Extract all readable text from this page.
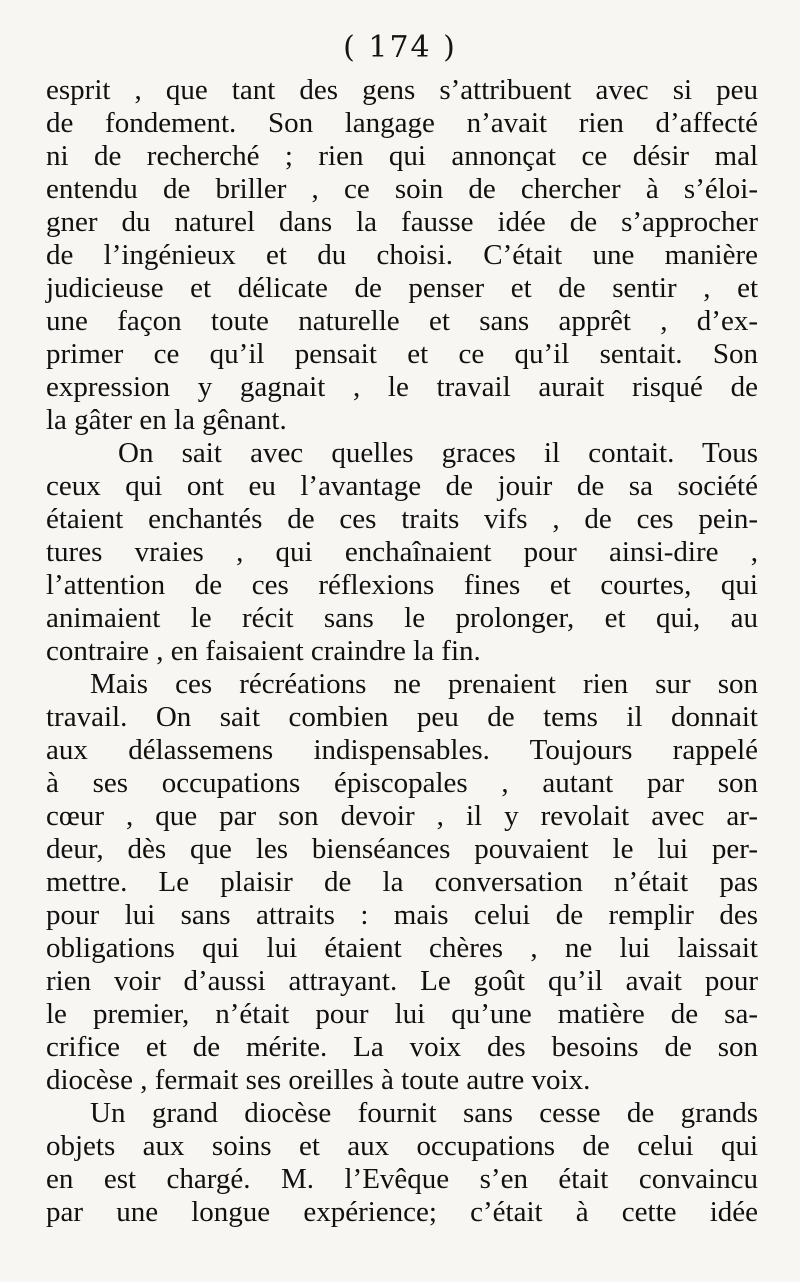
( 174 )
esprit , que tant des gens s’attribuent avec si peu
de fondement. Son langage n’avait rien d’affecté
ni de recherché ; rien qui annonçat ce désir mal
entendu de briller , ce soin de chercher à s’éloi-
gner du naturel dans la fausse idée de s’approcher
de l’ingénieux et du choisi. C’était une manière
judicieuse et délicate de penser et de sentir , et
une façon toute naturelle et sans apprêt , d’ex-
primer ce qu’il pensait et ce qu’il sentait. Son
expression y gagnait , le travail aurait risqué de
la gâter en la gênant.
On sait avec quelles graces il contait. Tous
ceux qui ont eu l’avantage de jouir de sa société
étaient enchantés de ces traits vifs , de ces pein-
tures vraies , qui enchaînaient pour ainsi-dire ,
l’attention de ces réflexions fines et courtes, qui
animaient le récit sans le prolonger, et qui, au
contraire , en faisaient craindre la fin.
Mais ces récréations ne prenaient rien sur son
travail. On sait combien peu de tems il donnait
aux délassemens indispensables. Toujours rappelé
à ses occupations épiscopales , autant par son
cœur , que par son devoir , il y revolait avec ar-
deur, dès que les bienséances pouvaient le lui per-
mettre. Le plaisir de la conversation n’était pas
pour lui sans attraits : mais celui de remplir des
obligations qui lui étaient chères , ne lui laissait
rien voir d’aussi attrayant. Le goût qu’il avait pour
le premier, n’était pour lui qu’une matière de sa-
crifice et de mérite. La voix des besoins de son
diocèse , fermait ses oreilles à toute autre voix.
Un grand diocèse fournit sans cesse de grands
objets aux soins et aux occupations de celui qui
en est chargé. M. l’Evêque s’en était convaincu
par une longue expérience; c’était à cette idée
